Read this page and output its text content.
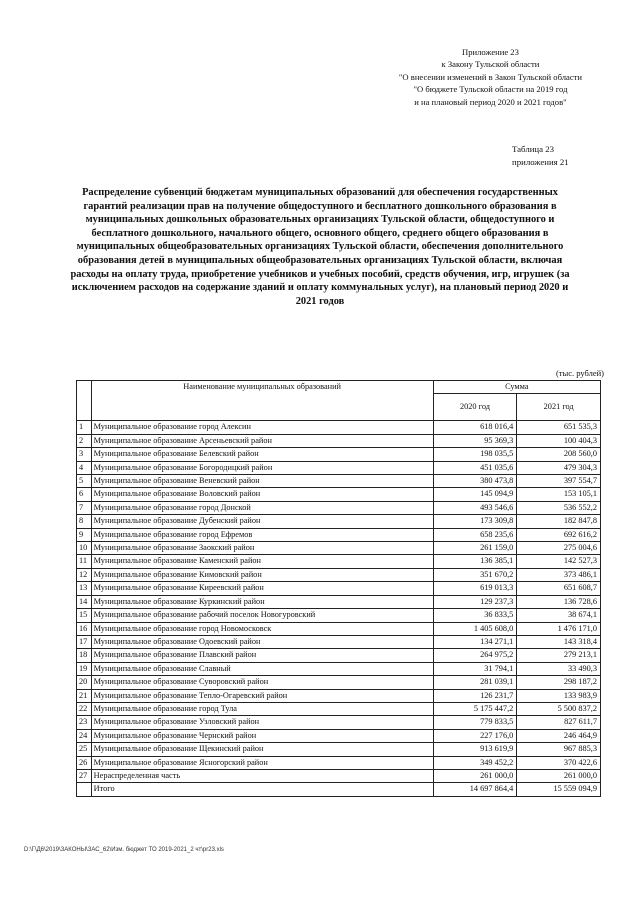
Приложение 23
к Закону Тульской области
"О внесении изменений в Закон Тульской области
"О бюджете Тульской области на 2019 год
и на плановый период 2020 и 2021 годов"
Таблица 23
приложения 21
Распределение субвенций бюджетам муниципальных образований для обеспечения государственных гарантий реализации прав на получение общедоступного и бесплатного дошкольного образования в муниципальных дошкольных образовательных организациях Тульской области, общедоступного и бесплатного дошкольного, начального общего, основного общего, среднего общего образования в муниципальных общеобразовательных организациях Тульской области, обеспечения дополнительного образования детей в муниципальных общеобразовательных организациях Тульской области, включая расходы на оплату труда, приобретение учебников и учебных пособий, средств обучения, игр, игрушек (за исключением расходов на содержание зданий и оплату коммунальных услуг), на плановый период 2020 и 2021 годов
(тыс. рублей)
	Наименование муниципальных образований	Сумма	
		2020 год	2021 год
1	Муниципальное образование город Алексин	618 016,4	651 535,3
2	Муниципальное образование Арсеньевский район	95 369,3	100 404,3
3	Муниципальное образование Белевский район	198 035,5	208 560,0
4	Муниципальное образование Богородицкий район	451 035,6	479 304,3
5	Муниципальное образование Веневский район	380 473,8	397 554,7
6	Муниципальное образование Воловский район	145 094,9	153 105,1
7	Муниципальное образование город Донской	493 546,6	536 552,2
8	Муниципальное образование Дубенский район	173 309,8	182 847,8
9	Муниципальное образование город Ефремов	658 235,6	692 616,2
10	Муниципальное образование Заокский район	261 159,0	275 004,6
11	Муниципальное образование Каменский район	136 385,1	142 527,3
12	Муниципальное образование Кимовский район	351 670,2	373 486,1
13	Муниципальное образование Киреевский район	619 013,3	651 608,7
14	Муниципальное образование Куркинский район	129 237,3	136 728,6
15	Муниципальное образование рабочий поселок Новогуровский	36 833,5	38 674,1
16	Муниципальное образование город Новомосковск	1 405 608,0	1 476 171,0
17	Муниципальное образование Одоевский район	134 271,1	143 318,4
18	Муниципальное образование Плавский район	264 975,2	279 213,1
19	Муниципальное образование Славный	31 794,1	33 490,3
20	Муниципальное образование Суворовский район	281 039,1	298 187,2
21	Муниципальное образование Тепло-Огаревский район	126 231,7	133 983,9
22	Муниципальное образование город Тула	5 175 447,2	5 500 837,2
23	Муниципальное образование Узловский район	779 833,5	827 611,7
24	Муниципальное образование Чернский район	227 176,0	246 464,9
25	Муниципальное образование Щекинский район	913 619,9	967 885,3
26	Муниципальное образование Ясногорский район	349 452,2	370 422,6
27	Нераспределенная часть	261 000,0	261 000,0
	Итого	14 697 864,4	15 559 094,9
D:\Г\Д6\2019\ЗАКОНЫ\ЗАС_62\Изм. бюджет ТО 2019-2021_2 чт\pr23.xls
